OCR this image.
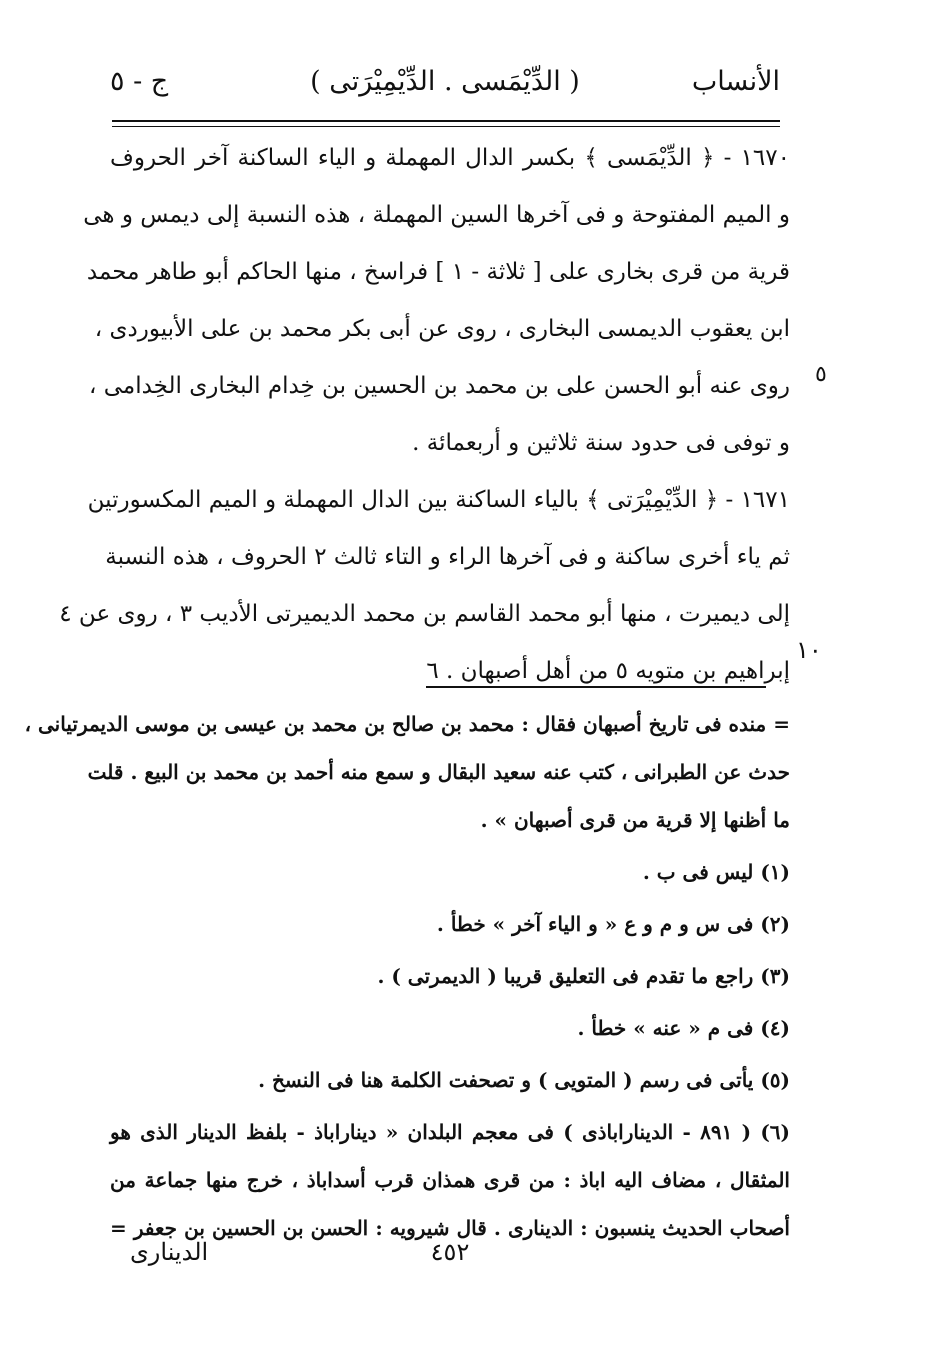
ج - ٥	( الدِّيْمَسى . الدِّيْمِيْرَتى )	الأنساب
١٦٧٠ - ﴿ الدِّيْمَسى ﴾ بكسر الدال المهملة و الياء الساكنة آخر الحروف
و الميم المفتوحة و فى آخرها السين المهملة ، هذه النسبة إلى ديمس و هى
قرية من قرى بخارى على [ ثلاثة - ١ ] فراسخ ، منها الحاكم أبو طاهر محمد
ابن يعقوب الديمسى البخارى ، روى عن أبى بكر محمد بن على الأبيوردى ،
روى عنه أبو الحسن على بن محمد بن الحسين بن خِدام البخارى الخِدامى ،
و توفى فى حدود سنة ثلاثين و أربعمائة .
١٦٧١ - ﴿ الدِّيْمِيْرَتى ﴾ بالياء الساكنة بين الدال المهملة و الميم المكسورتين
ثم ياء أخرى ساكنة و فى آخرها الراء و التاء ثالث ٢ الحروف ، هذه النسبة
إلى ديميرت ، منها أبو محمد القاسم بن محمد الديميرتى الأديب ٣ ، روى عن ٤
إبراهيم بن متويه ٥ من أهل أصبهان . ٦
٥
١٠
= منده فى تاريخ أصبهان فقال : محمد بن صالح بن محمد بن عيسى بن موسى الديمرتيانى ،
حدث عن الطبرانى ، كتب عنه سعيد البقال و سمع منه أحمد بن محمد بن البيع . قلت
ما أظنها إلا قرية من قرى أصبهان » .
(١) ليس فى ب .
(٢) فى س و م و ع « و الياء آخر » خطأ .
(٣) راجع ما تقدم فى التعليق قريبا ( الديمرتى ) .
(٤) فى م « عنه » خطأ .
(٥) يأتى فى رسم ( المتويى ) و تصحفت الكلمة هنا فى النسخ .
(٦) ( ٨٩١ - الديناراباذى ) فى معجم البلدان « ديناراباذ - بلفظ الدينار الذى هو
المثقال ، مضاف اليه اباذ : من قرى همذان قرب أسداباذ ، خرج منها جماعة من
أصحاب الحديث ينسبون : الدينارى . قال شيرويه : الحسن بن الحسين بن جعفر =
٤٥٢
الدينارى
